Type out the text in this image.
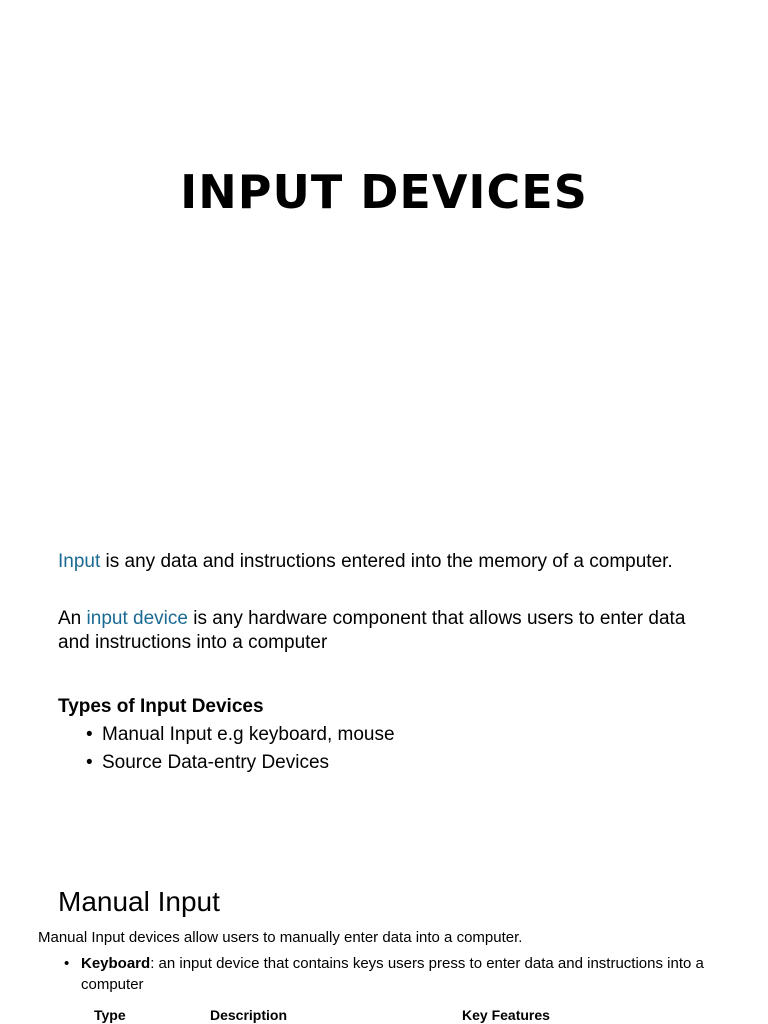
INPUT DEVICES
Input is any data and instructions entered into the memory of a computer.
An input device is any hardware component that allows users to enter data and instructions into a computer
Types of Input Devices
• Manual Input e.g keyboard, mouse
• Source Data-entry Devices
Manual Input
Manual Input devices allow users to manually enter data into a computer.
• Keyboard: an input device that contains keys users press to enter data and instructions into a computer
Type	Description	Key Features
